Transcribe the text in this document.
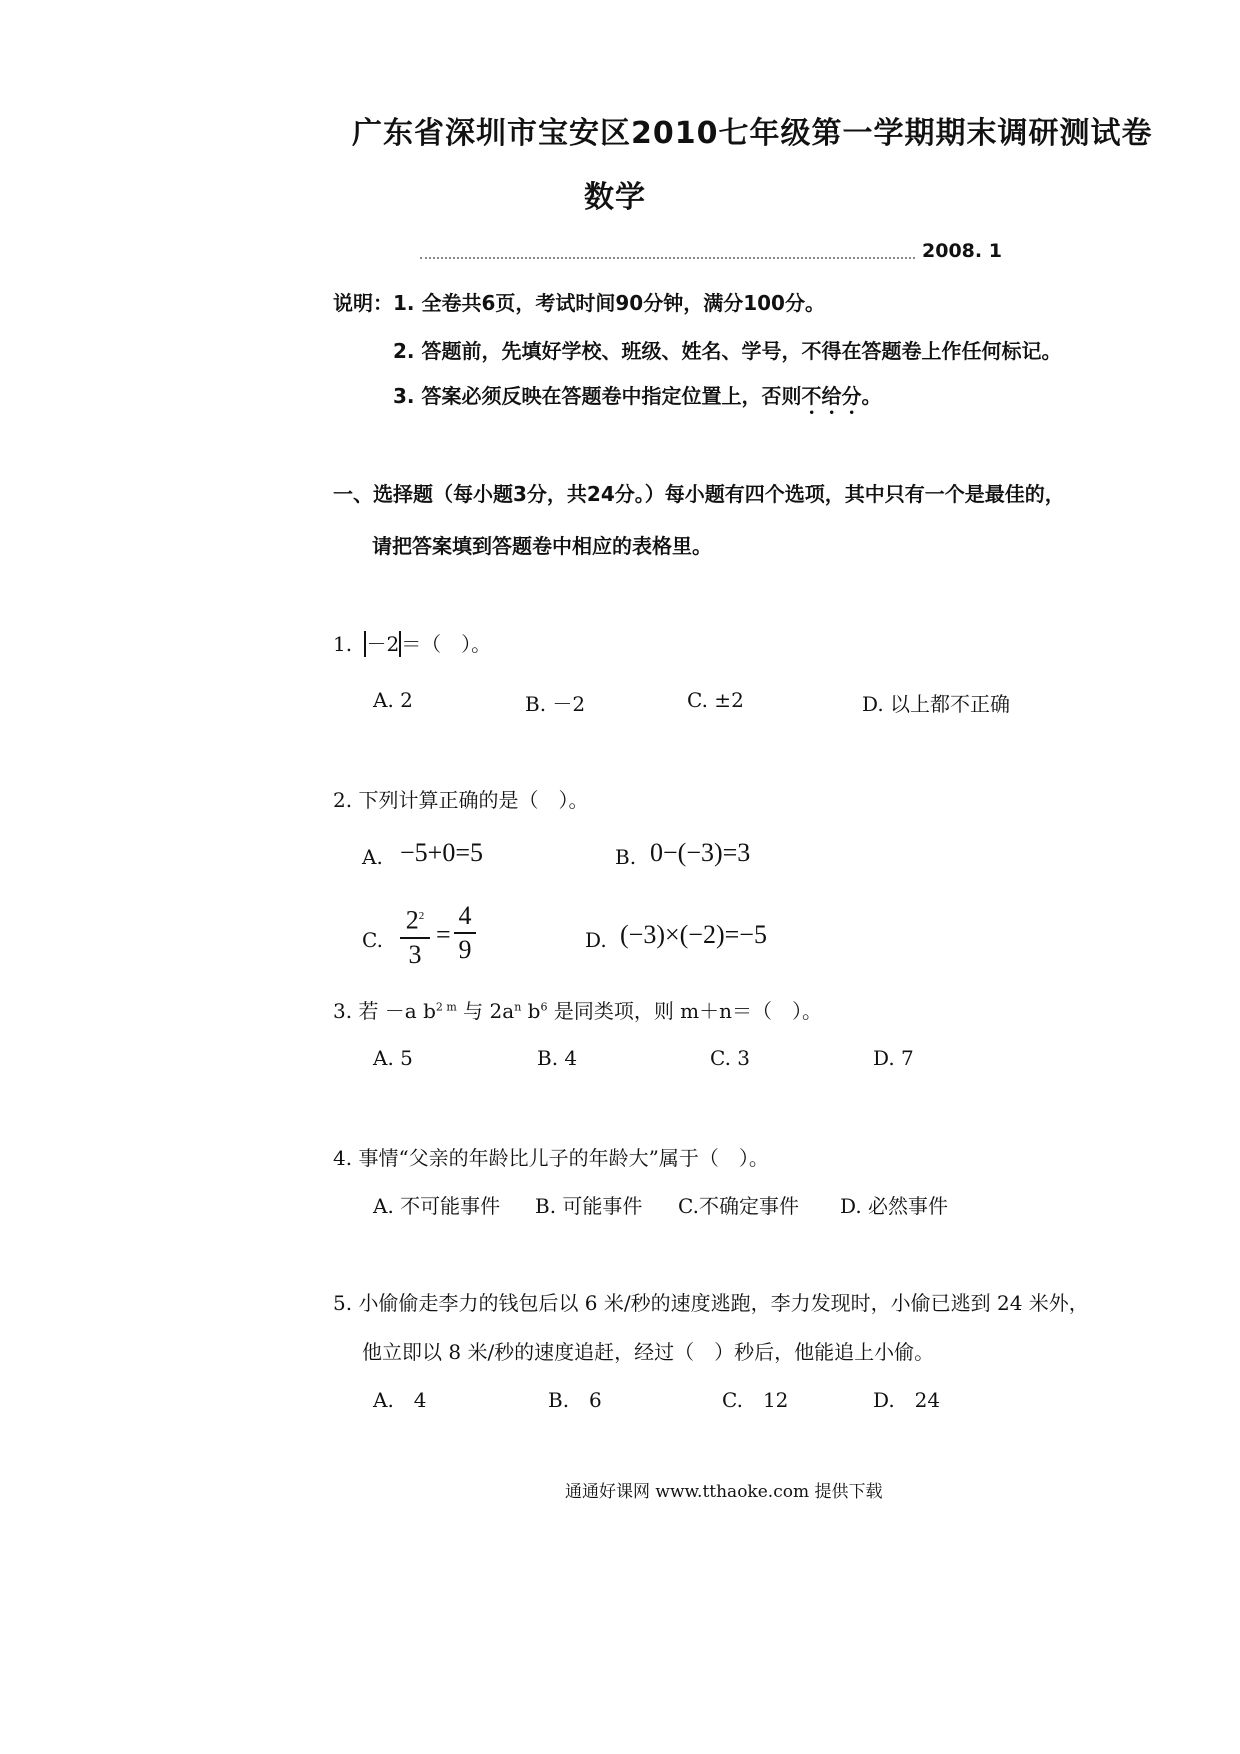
广东省深圳市宝安区2010七年级第一学期期末调研测试卷
数学
2008. 1
说明： 1. 全卷共6页，考试时间90分钟，满分100分。
2. 答题前，先填好学校、班级、姓名、学号，不得在答题卷上作任何标记。
3. 答案必须反映在答题卷中指定位置上，否则不给分。
一、选择题（每小题3分，共24分。）每小题有四个选项，其中只有一个是最佳的，
请把答案填到答题卷中相应的表格里。
1. －2 ＝（　）。
A. 2	B. －2	C. ±2	D. 以上都不正确
2. 下列计算正确的是（　）。
A. −5+0=5	B. 0−(−3)=3
C.
$2^2$
3
=
4
9	D. (−3)×(−2)=−5
3. 若 －a $b^{2 m}$ 与 $2a^n$ $b^6$ 是同类项，则 m＋n＝（　）。
A. 5	B. 4	C. 3	D. 7
4. 事情“父亲的年龄比儿子的年龄大”属于（　）。
A. 不可能事件 B. 可能事件 C.不确定事件 D. 必然事件
5. 小偷偷走李力的钱包后以 6 米/秒的速度逃跑，李力发现时，小偷已逃到 24 米外，
他立即以 8 米/秒的速度追赶，经过（　）秒后，他能追上小偷。
A.　4	B.　6	C.　12	D.　24
通通好课网 www.tthaoke.com 提供下载
